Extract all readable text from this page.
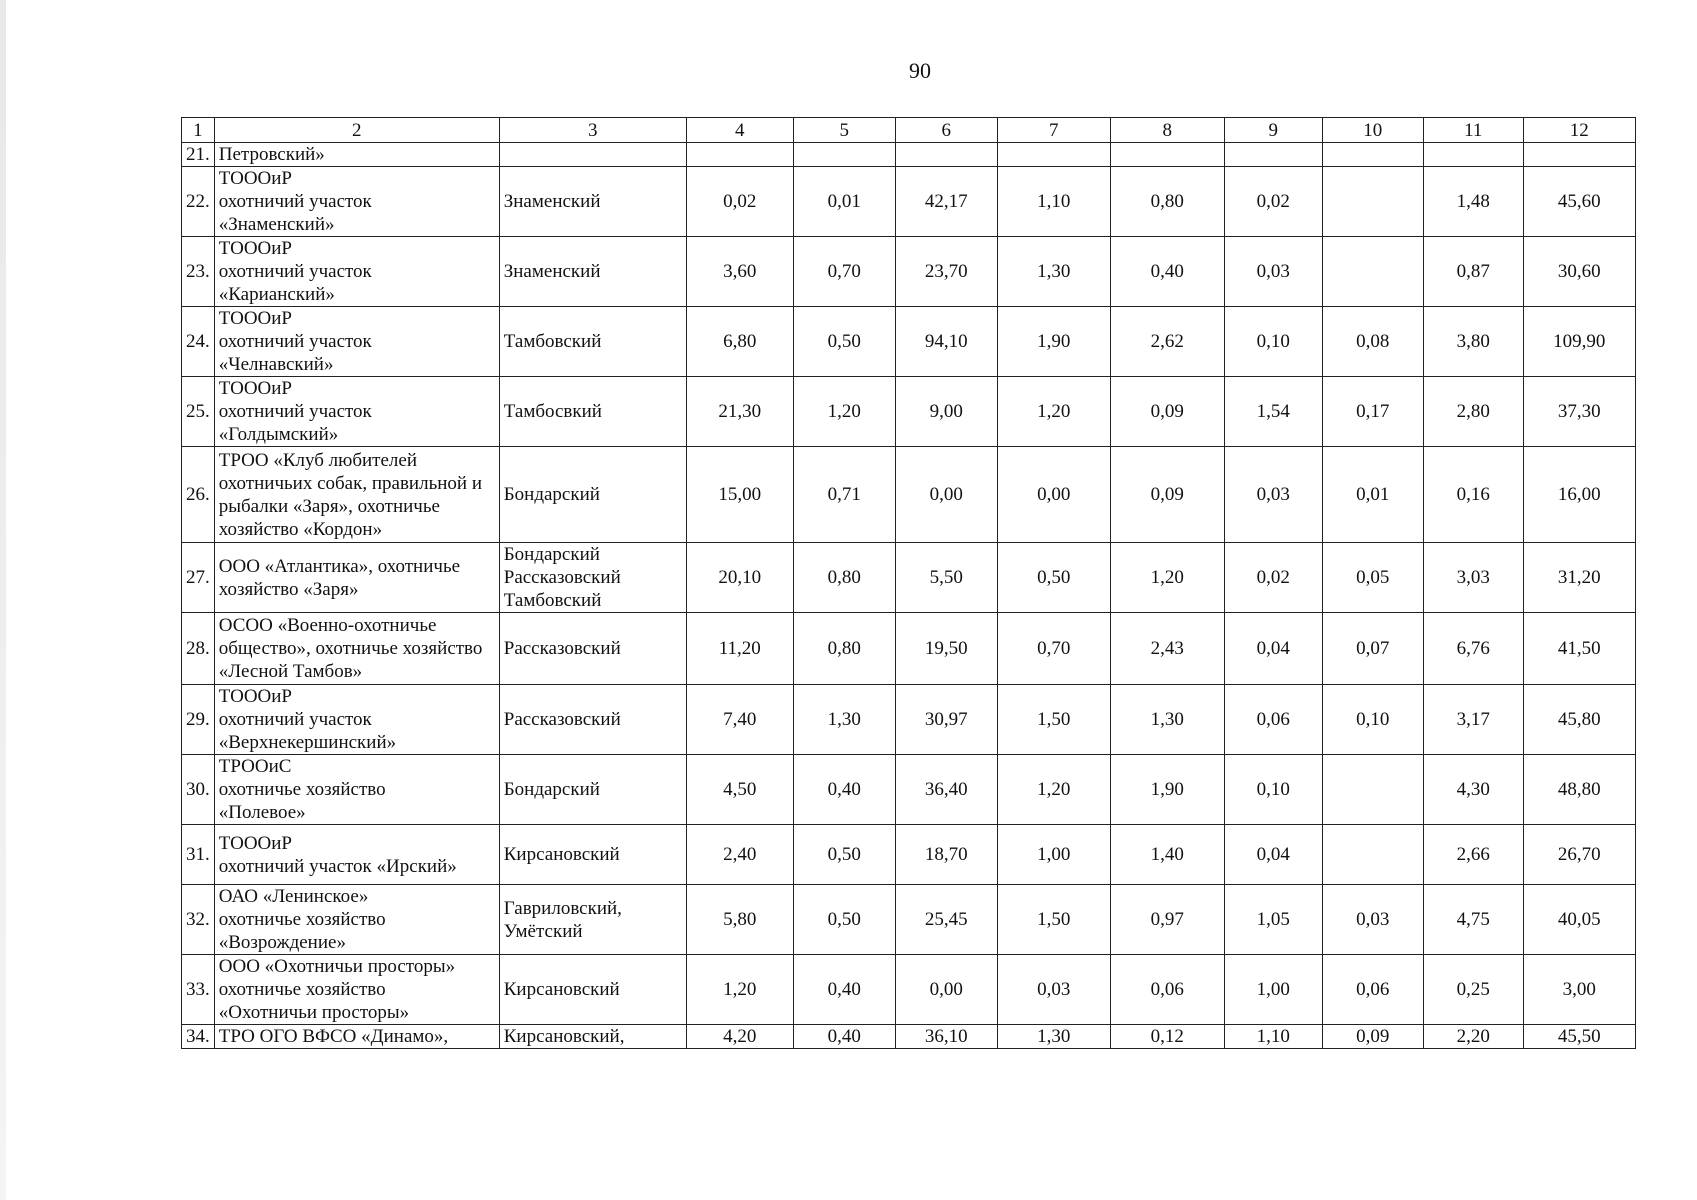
90
1	2	3	4	5	6	7	8	9	10	11	12
21.	Петровский»										
22.	ТОООиР
охотничий участок
«Знаменский»	Знаменский	0,02	0,01	42,17	1,10	0,80	0,02		1,48	45,60
23.	ТОООиР
охотничий участок
«Карианский»	Знаменский	3,60	0,70	23,70	1,30	0,40	0,03		0,87	30,60
24.	ТОООиР
охотничий участок
«Челнавский»	Тамбовский	6,80	0,50	94,10	1,90	2,62	0,10	0,08	3,80	109,90
25.	ТОООиР
охотничий участок
«Голдымский»	Тамбосвкий	21,30	1,20	9,00	1,20	0,09	1,54	0,17	2,80	37,30
26.	ТРОО «Клуб любителей охотничьих собак, правильной и рыбалки «Заря», охотничье хозяйство «Кордон»	Бондарский	15,00	0,71	0,00	0,00	0,09	0,03	0,01	0,16	16,00
27.	ООО «Атлантика», охотничье хозяйство «Заря»	Бондарский
Рассказовский
Тамбовский	20,10	0,80	5,50	0,50	1,20	0,02	0,05	3,03	31,20
28.	ОСОО «Военно-охотничье общество», охотничье хозяйство «Лесной Тамбов»	Рассказовский	11,20	0,80	19,50	0,70	2,43	0,04	0,07	6,76	41,50
29.	ТОООиР
охотничий участок
«Верхнекершинский»	Рассказовский	7,40	1,30	30,97	1,50	1,30	0,06	0,10	3,17	45,80
30.	ТРООиС
охотничье хозяйство
«Полевое»	Бондарский	4,50	0,40	36,40	1,20	1,90	0,10		4,30	48,80
31.	ТОООиР
охотничий участок «Ирский»	Кирсановский	2,40	0,50	18,70	1,00	1,40	0,04		2,66	26,70
32.	ОАО «Ленинское»
охотничье хозяйство
«Возрождение»	Гавриловский,
Умётский	5,80	0,50	25,45	1,50	0,97	1,05	0,03	4,75	40,05
33.	ООО «Охотничьи просторы»
охотничье хозяйство
«Охотничьи просторы»	Кирсановский	1,20	0,40	0,00	0,03	0,06	1,00	0,06	0,25	3,00
34.	ТРО ОГО ВФСО «Динамо»,	Кирсановский,	4,20	0,40	36,10	1,30	0,12	1,10	0,09	2,20	45,50
